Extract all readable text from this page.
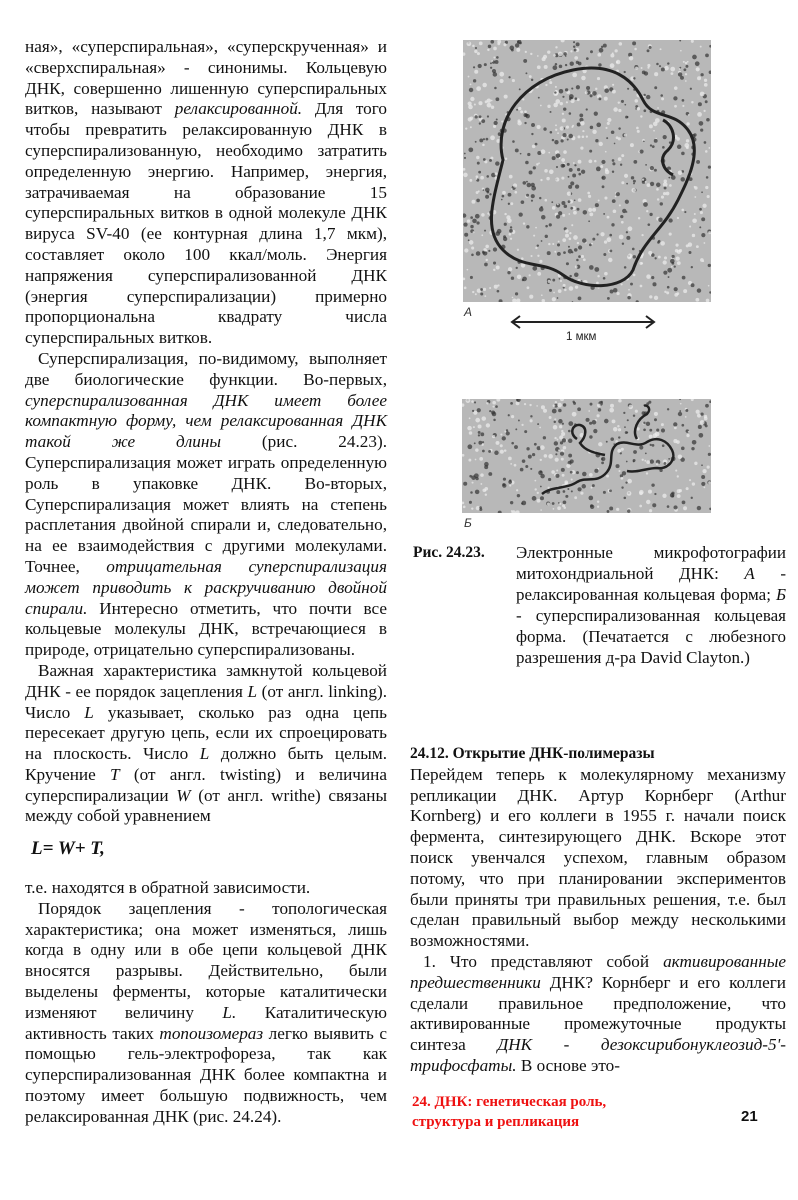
ная», «суперспиральная», «суперскрученная» и «сверхспиральная» - синонимы. Кольцевую ДНК, совершенно лишенную суперспиральных витков, называют релаксированной. Для того чтобы превратить релаксированную ДНК в суперспирализованную, необходимо затратить определенную энергию. Например, энергия, затрачиваемая на образование 15 суперспиральных витков в одной молекуле ДНК вируса SV-40 (ее контурная длина 1,7 мкм), составляет около 100 ккал/моль. Энергия напряжения суперспирализованной ДНК (энергия суперспирализации) примерно пропорциональна квадрату числа суперспиральных витков.

Суперспирализация, по-видимому, выполняет две биологические функции. Во-первых, суперспирализованная ДНК имеет более компактную форму, чем релаксированная ДНК такой же длины (рис. 24.23). Суперспирализация может играть определенную роль в упаковке ДНК. Во-вторых, Суперспирализация может влиять на степень расплетания двойной спирали и, следовательно, на ее взаимодействия с другими молекулами. Точнее, отрицательная суперспирализация может приводить к раскручиванию двойной спирали. Интересно отметить, что почти все кольцевые молекулы ДНК, встречающиеся в природе, отрицательно суперспирализованы.

Важная характеристика замкнутой кольцевой ДНК - ее порядок зацепления L (от англ. linking). Число L указывает, сколько раз одна цепь пересекает другую цепь, если их спроецировать на плоскость. Число L должно быть целым. Кручение T (от англ. twisting) и величина суперспирализации W (от англ. writhe) связаны между собой уравнением

L= W+ T,

т.е. находятся в обратной зависимости.

Порядок зацепления - топологическая характеристика; она может изменяться, лишь когда в одну или в обе цепи кольцевой ДНК вносятся разрывы. Действительно, были выделены ферменты, которые каталитически изменяют величину L. Каталитическую активность таких топоизомераз легко выявить с помощью гель-электрофореза, так как суперспирализованная ДНК более компактна и поэтому имеет большую подвижность, чем релаксированная ДНК (рис. 24.24).

А
1 мкм
Б
Рис. 24.23. Электронные микрофотографии митохондриальной ДНК: А - релаксированная кольцевая форма; Б - суперспирализованная кольцевая форма. (Печатается с любезного разрешения д-ра David Clayton.)

24.12. Открытие ДНК-полимеразы

Перейдем теперь к молекулярному механизму репликации ДНК. Артур Корнберг (Arthur Kornberg) и его коллеги в 1955 г. начали поиск фермента, синтезирующего ДНК. Вскоре этот поиск увенчался успехом, главным образом потому, что при планировании экспериментов были приняты три правильных решения, т.е. был сделан правильный выбор между несколькими возможностями.

1. Что представляют собой активированные предшественники ДНК? Корнберг и его коллеги сделали правильное предположение, что активированные промежуточные продукты синтеза ДНК - дезоксирибонуклеозид-5'-трифосфаты. В основе это-

24. ДНК: генетическая роль, структура и репликация	21
